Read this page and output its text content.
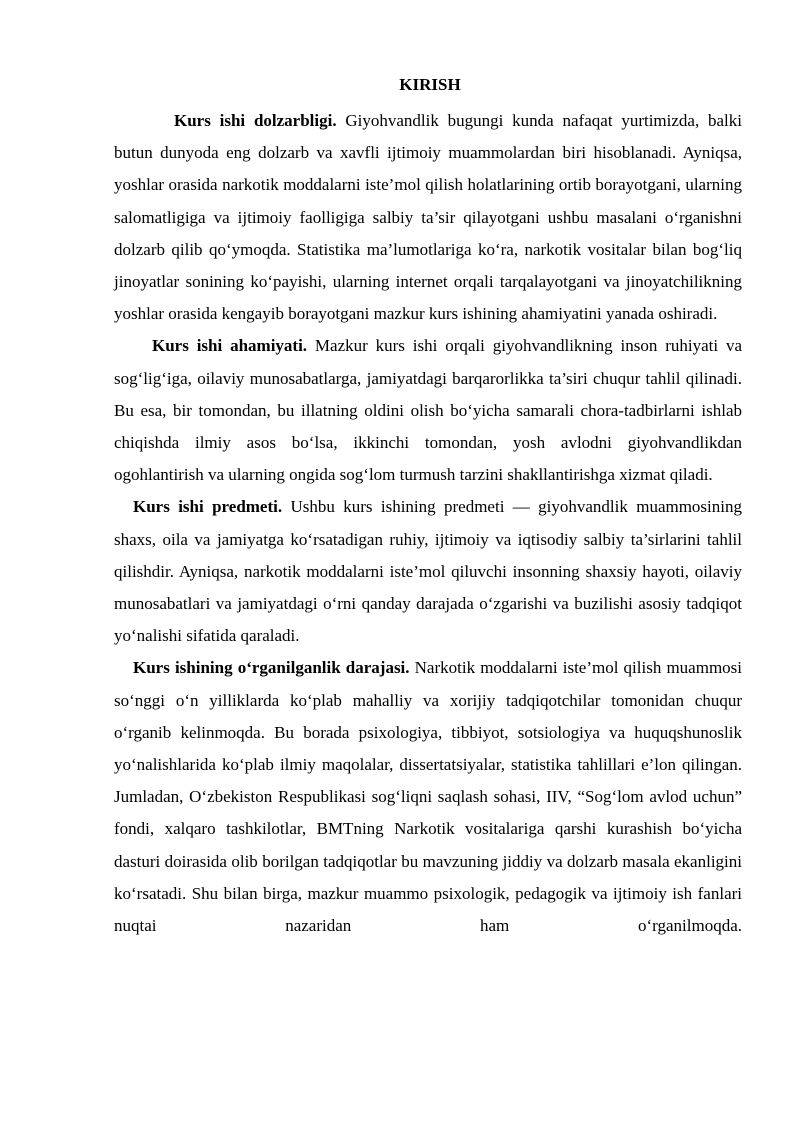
KIRISH

Kurs ishi dolzarbligi. Giyohvandlik bugungi kunda nafaqat yurtimizda, balki butun dunyoda eng dolzarb va xavfli ijtimoiy muammolardan biri hisoblanadi. Ayniqsa, yoshlar orasida narkotik moddalarni iste’mol qilish holatlarining ortib borayotgani, ularning salomatligiga va ijtimoiy faolligiga salbiy ta’sir qilayotgani ushbu masalani o‘rganishni dolzarb qilib qo‘ymoqda. Statistika ma’lumotlariga ko‘ra, narkotik vositalar bilan bog‘liq jinoyatlar sonining ko‘payishi, ularning internet orqali tarqalayotgani va jinoyatchilikning yoshlar orasida kengayib borayotgani mazkur kurs ishining ahamiyatini yanada oshiradi.

Kurs ishi ahamiyati. Mazkur kurs ishi orqali giyohvandlikning inson ruhiyati va sog‘lig‘iga, oilaviy munosabatlarga, jamiyatdagi barqarorlikka ta’siri chuqur tahlil qilinadi. Bu esa, bir tomondan, bu illatning oldini olish bo‘yicha samarali chora-tadbirlarni ishlab chiqishda ilmiy asos bo‘lsa, ikkinchi tomondan, yosh avlodni giyohvandlikdan ogohlantirish va ularning ongida sog‘lom turmush tarzini shakllantirishga xizmat qiladi.

Kurs ishi predmeti. Ushbu kurs ishining predmeti — giyohvandlik muammosining shaxs, oila va jamiyatga ko‘rsatadigan ruhiy, ijtimoiy va iqtisodiy salbiy ta’sirlarini tahlil qilishdir. Ayniqsa, narkotik moddalarni iste’mol qiluvchi insonning shaxsiy hayoti, oilaviy munosabatlari va jamiyatdagi o‘rni qanday darajada o‘zgarishi va buzilishi asosiy tadqiqot yo‘nalishi sifatida qaraladi.

Kurs ishining o‘rganilganlik darajasi. Narkotik moddalarni iste’mol qilish muammosi so‘nggi o‘n yilliklarda ko‘plab mahalliy va xorijiy tadqiqotchilar tomonidan chuqur o‘rganib kelinmoqda. Bu borada psixologiya, tibbiyot, sotsiologiya va huquqshunoslik yo‘nalishlarida ko‘plab ilmiy maqolalar, dissertatsiyalar, statistika tahlillari e’lon qilingan. Jumladan, O‘zbekiston Respublikasi sog‘liqni saqlash sohasi, IIV, “Sog‘lom avlod uchun” fondi, xalqaro tashkilotlar, BMTning Narkotik vositalariga qarshi kurashish bo‘yicha dasturi doirasida olib borilgan tadqiqotlar bu mavzuning jiddiy va dolzarb masala ekanligini ko‘rsatadi. Shu bilan birga, mazkur muammo psixologik, pedagogik va ijtimoiy ish fanlari nuqtai nazaridan ham o‘rganilmoqda.
